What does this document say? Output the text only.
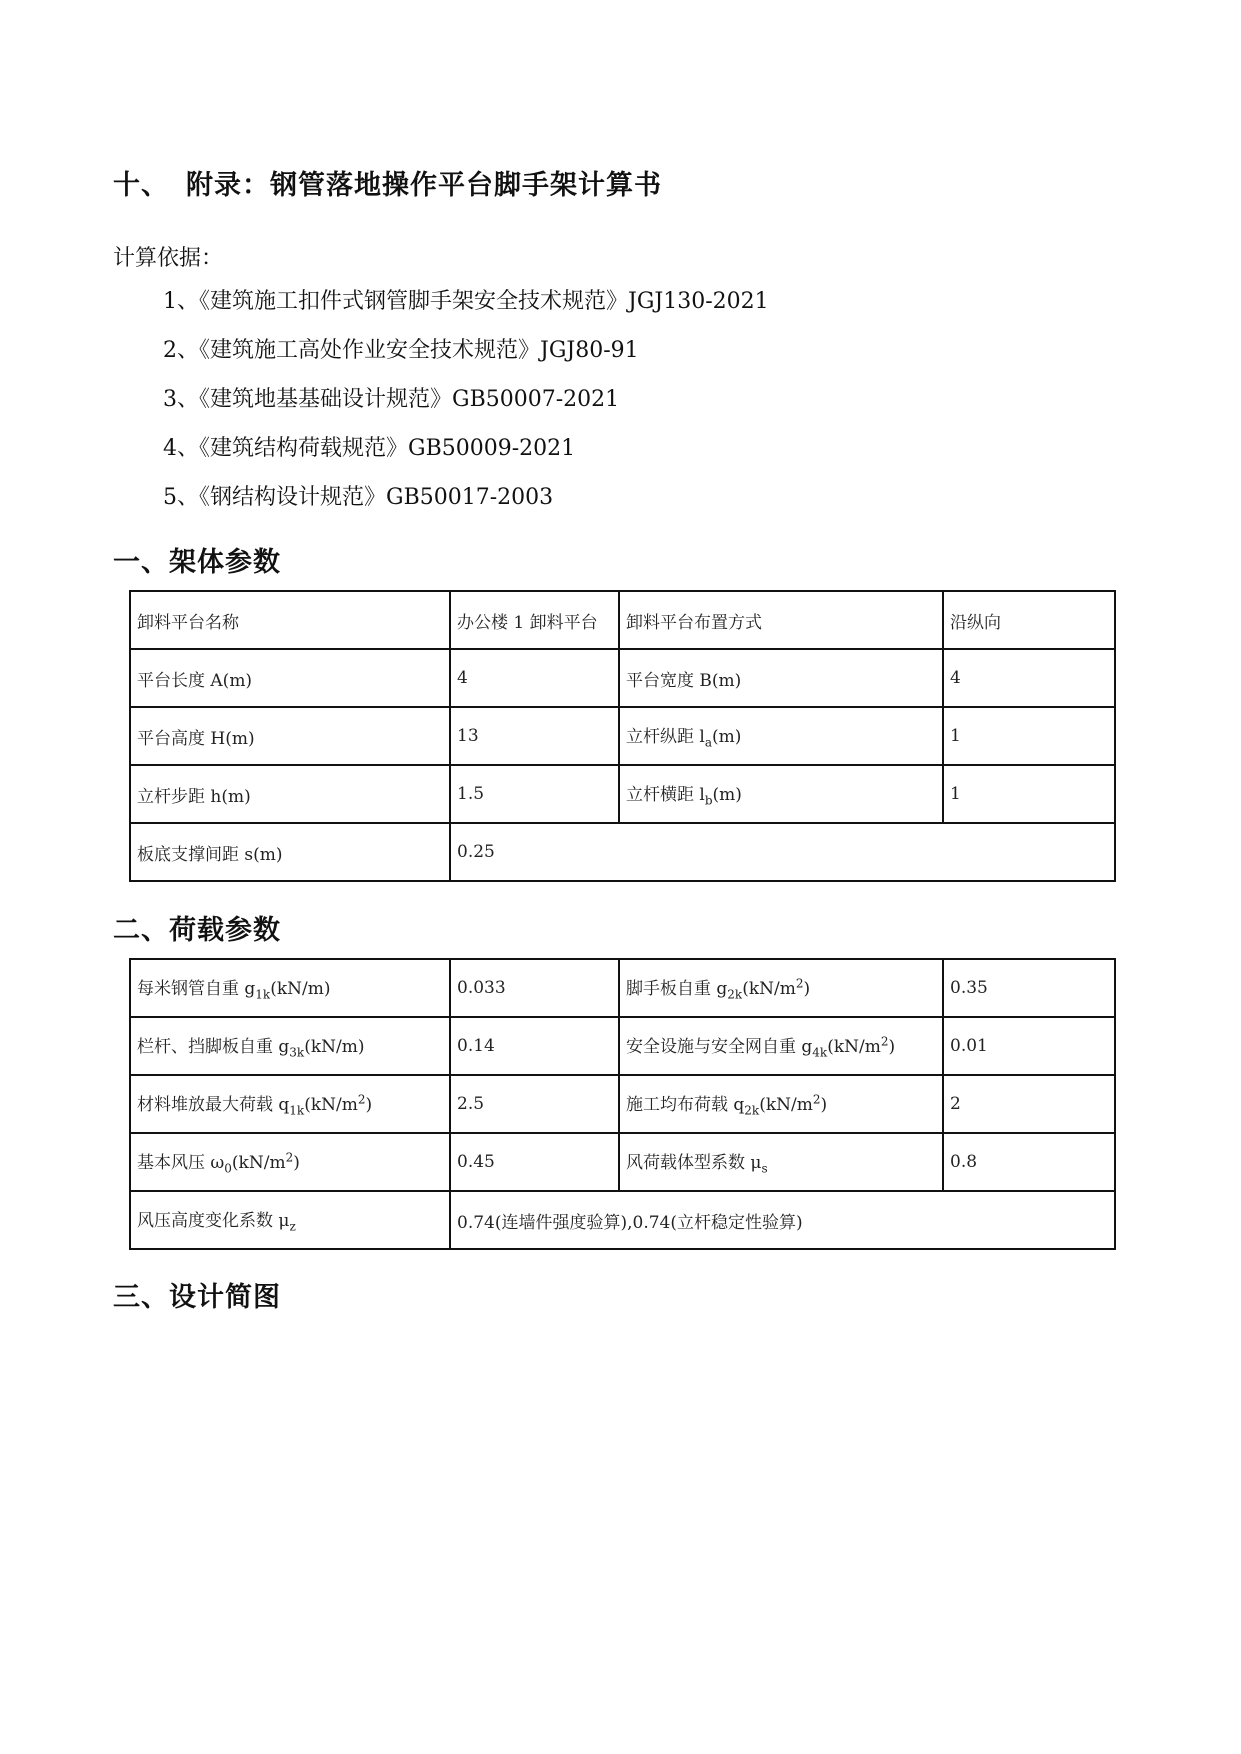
十、 附录：钢管落地操作平台脚手架计算书
计算依据：
1、《建筑施工扣件式钢管脚手架安全技术规范》JGJ130-2021
2、《建筑施工高处作业安全技术规范》JGJ80-91
3、《建筑地基基础设计规范》GB50007-2021
4、《建筑结构荷载规范》GB50009-2021
5、《钢结构设计规范》GB50017-2003
一、架体参数
卸料平台名称	办公楼 1 卸料平台	卸料平台布置方式	沿纵向
平台长度 A(m)	4	平台宽度 B(m)	4
平台高度 H(m)	13	立杆纵距 $l_a(m)$	1
立杆步距 h(m)	1.5	立杆横距 $l_b(m)$	1
板底支撑间距 s(m)	0.25		
二、荷载参数
每米钢管自重 $g_{1k}(kN/m)$	0.033	脚手板自重 $g_{2k}(kN/m^2)$	0.35
栏杆、挡脚板自重 $g_{3k}(kN/m)$	0.14	安全设施与安全网自重 $g_{4k}(kN/m^2)$	0.01
材料堆放最大荷载 $q_{1k}(kN/m^2)$	2.5	施工均布荷载 $q_{2k}(kN/m^2)$	2
基本风压 $\omega_0(kN/m^2)$	0.45	风荷载体型系数 $\mu_s$	0.8
风压高度变化系数 $\mu_z$	0.74(连墙件强度验算),0.74(立杆稳定性验算)		
三、设计简图
